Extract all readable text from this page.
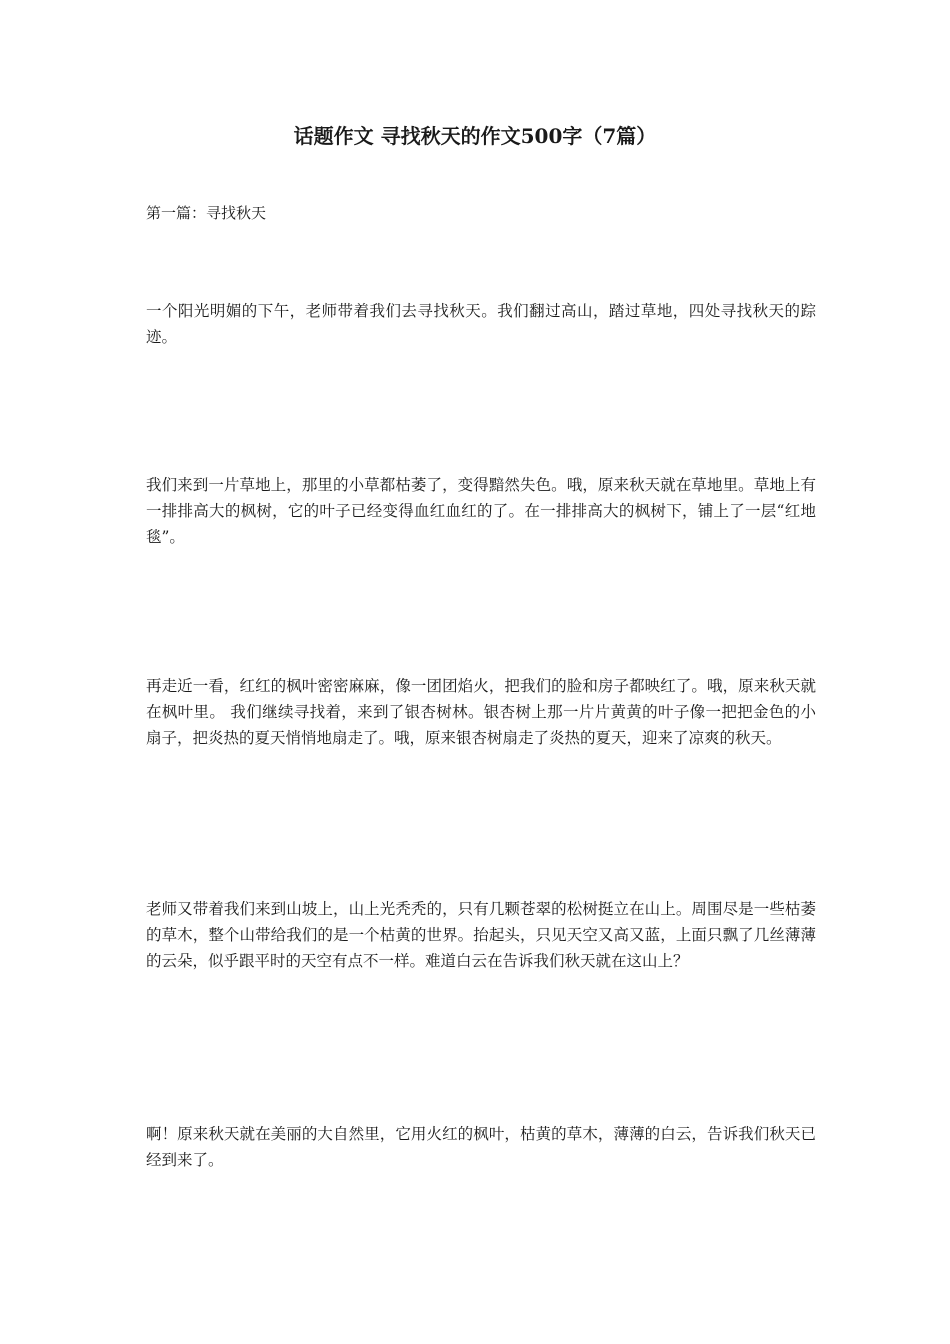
话题作文 寻找秋天的作文500字（7篇）

第一篇：寻找秋天

一个阳光明媚的下午，老师带着我们去寻找秋天。我们翻过高山，踏过草地，四处寻找秋天的踪迹。

我们来到一片草地上，那里的小草都枯萎了，变得黯然失色。哦，原来秋天就在草地里。草地上有一排排高大的枫树，它的叶子已经变得血红血红的了。在一排排高大的枫树下，铺上了一层“红地毯”。

再走近一看，红红的枫叶密密麻麻，像一团团焰火，把我们的脸和房子都映红了。哦，原来秋天就在枫叶里。 我们继续寻找着，来到了银杏树林。银杏树上那一片片黄黄的叶子像一把把金色的小扇子，把炎热的夏天悄悄地扇走了。哦，原来银杏树扇走了炎热的夏天，迎来了凉爽的秋天。

老师又带着我们来到山坡上，山上光秃秃的，只有几颗苍翠的松树挺立在山上。周围尽是一些枯萎的草木，整个山带给我们的是一个枯黄的世界。抬起头，只见天空又高又蓝，上面只飘了几丝薄薄的云朵，似乎跟平时的天空有点不一样。难道白云在告诉我们秋天就在这山上？

啊！原来秋天就在美丽的大自然里，它用火红的枫叶，枯黄的草木，薄薄的白云，告诉我们秋天已经到来了。
